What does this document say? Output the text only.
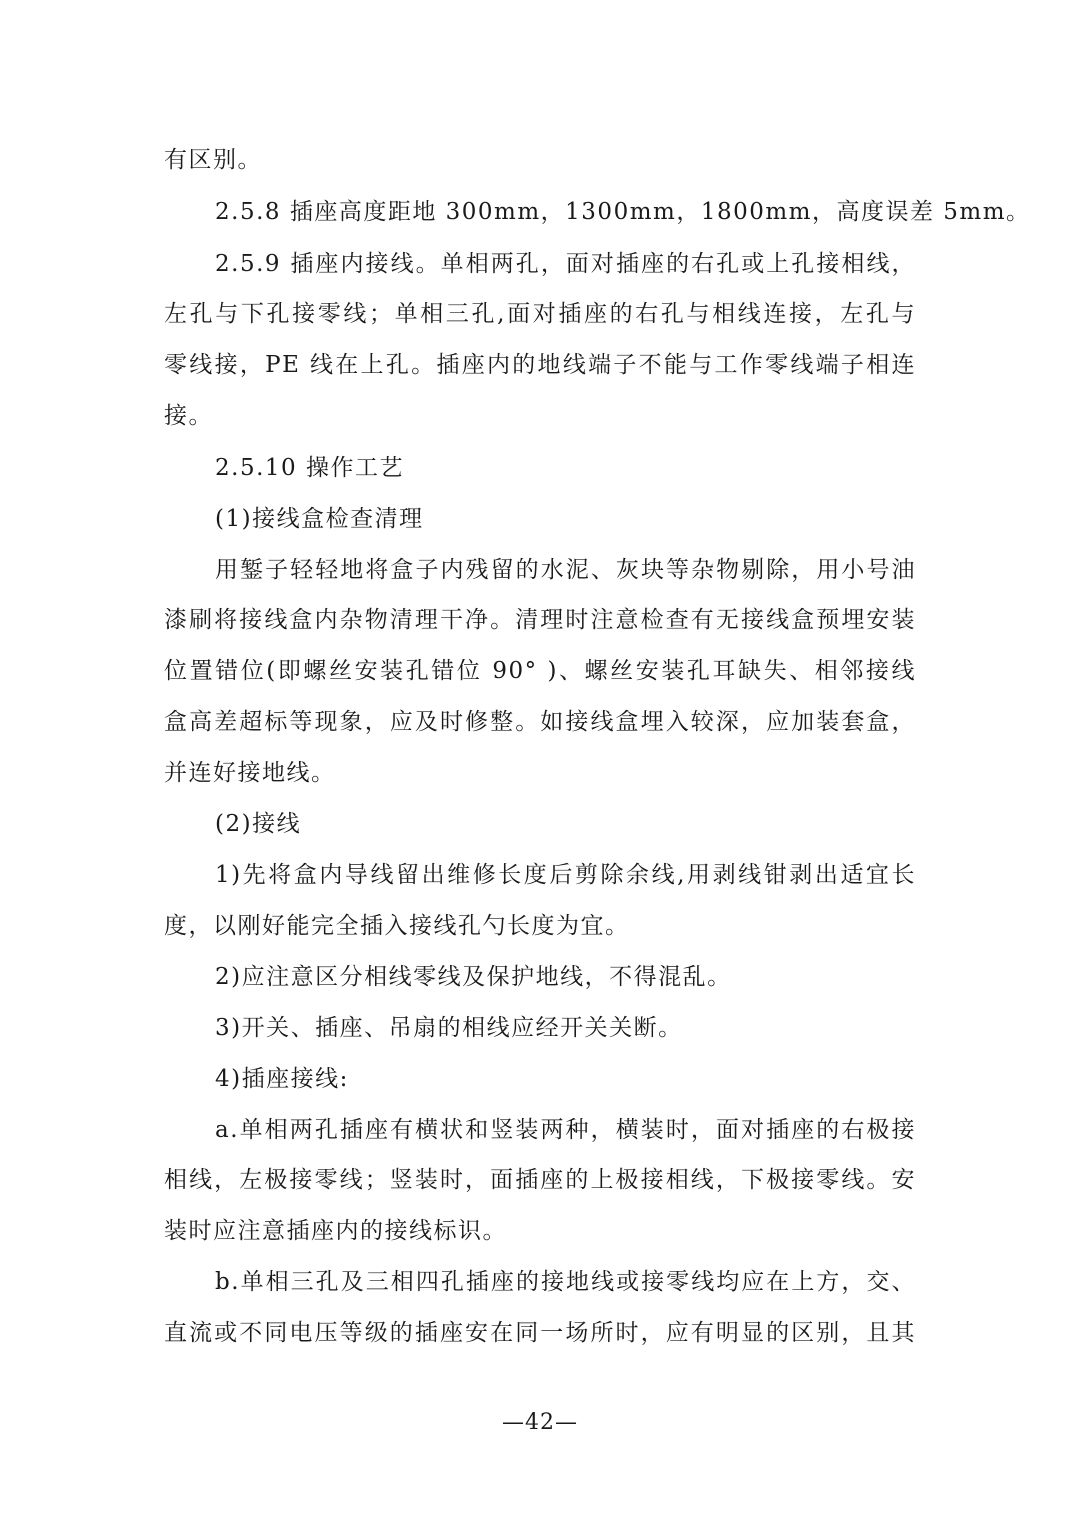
有区别。
2.5.8 插座高度距地 300mm，1300mm，1800mm，高度误差 5mm。
2.5.9 插座内接线。单相两孔，面对插座的右孔或上孔接相线，
左孔与下孔接零线；单相三孔,面对插座的右孔与相线连接，左孔与
零线接，PE 线在上孔。插座内的地线端子不能与工作零线端子相连
接。
2.5.10 操作工艺
(1)接线盒检查清理
用錾子轻轻地将盒子内残留的水泥、灰块等杂物剔除，用小号油
漆刷将接线盒内杂物清理干净。清理时注意检查有无接线盒预埋安装
位置错位(即螺丝安装孔错位 90° )、螺丝安装孔耳缺失、相邻接线
盒高差超标等现象，应及时修整。如接线盒埋入较深，应加装套盒，
并连好接地线。
(2)接线
1)先将盒内导线留出维修长度后剪除余线,用剥线钳剥出适宜长
度，以刚好能完全插入接线孔勺长度为宜。
2)应注意区分相线零线及保护地线，不得混乱。
3)开关、插座、吊扇的相线应经开关关断。
4)插座接线:
a.单相两孔插座有横状和竖装两种，横装时，面对插座的右极接
相线，左极接零线；竖装时，面插座的上极接相线，下极接零线。安
装时应注意插座内的接线标识。
b.单相三孔及三相四孔插座的接地线或接零线均应在上方，交、
直流或不同电压等级的插座安在同一场所时，应有明显的区别，且其
—42—
